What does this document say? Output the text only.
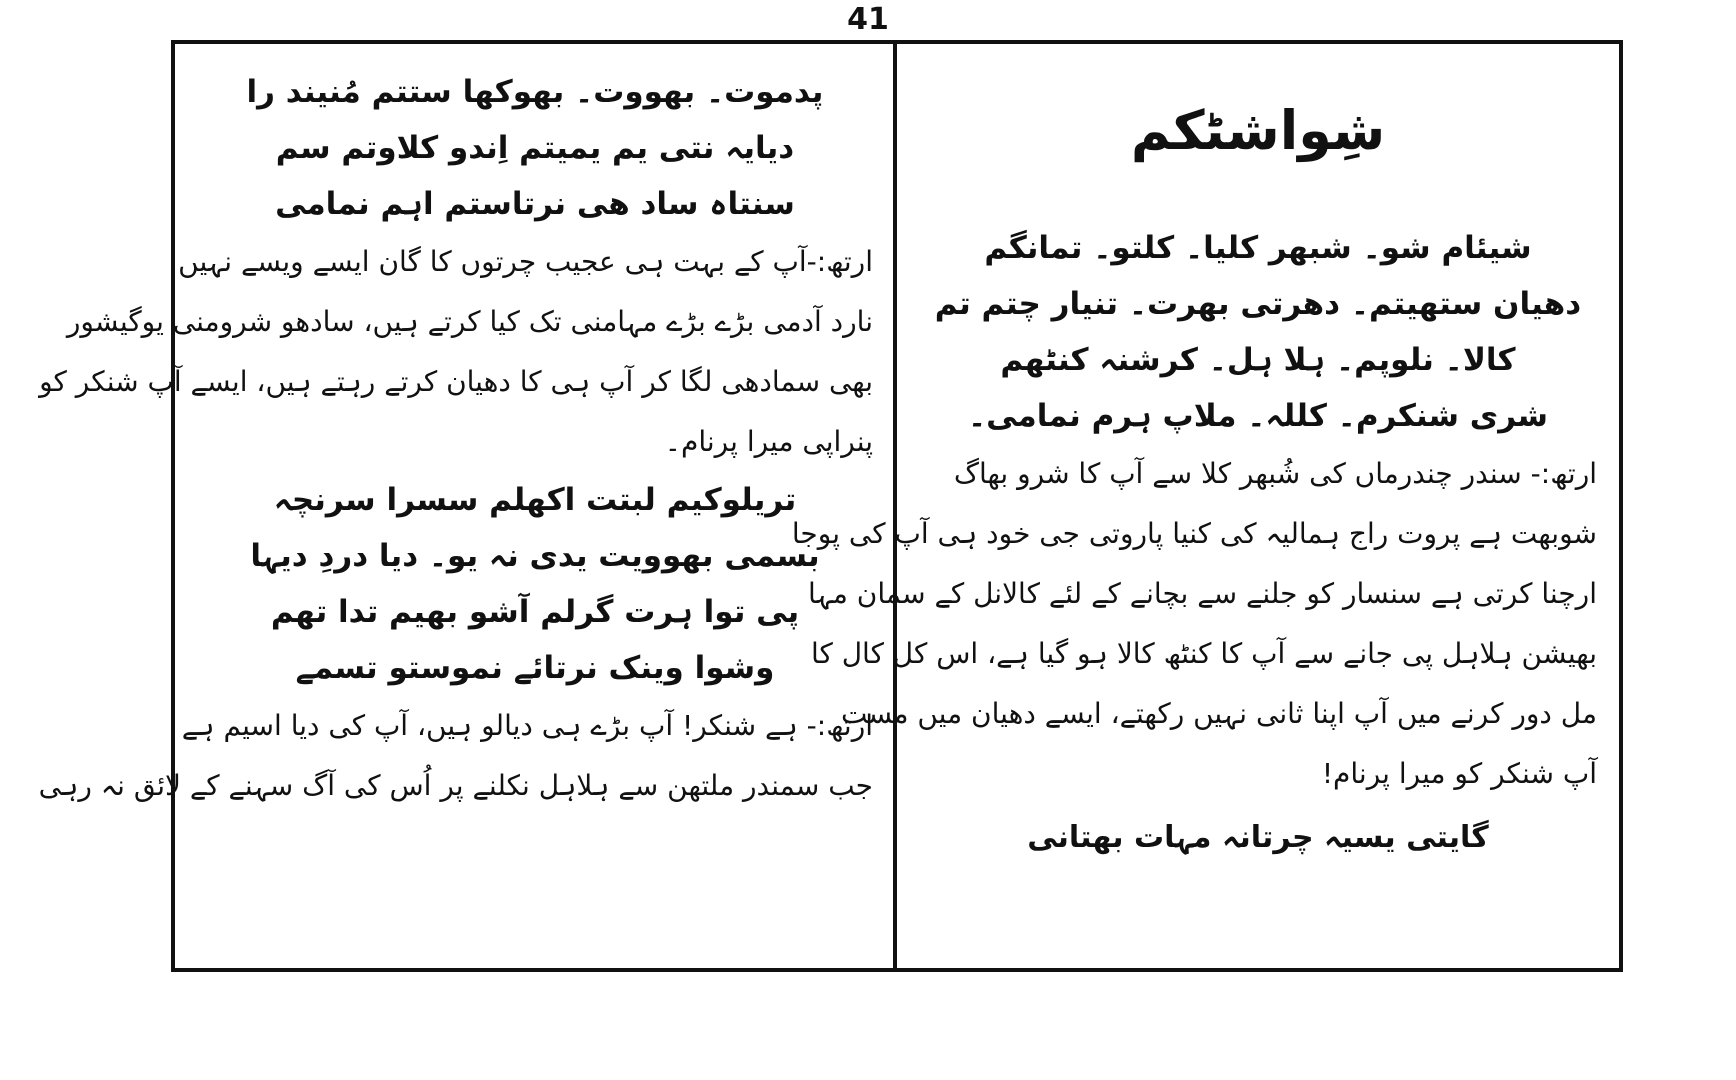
41
پدموت۔ بھووت۔ بھوکھا ستتم مُنیند را
دیایہ نتی یم یمیتم اِندو کلاوتم سم
سنتاہ ساد ھی نرتاستم اہم نمامی
ارتھ:-آپ کے بہت ہی عجیب چرتوں کا گان ایسے ویسے نہیں
نارد آدمی بڑے بڑے مہامنی تک کیا کرتے ہیں، سادھو شرومنی یوگیشور
بھی سمادھی لگا کر آپ ہی کا دھیان کرتے رہتے ہیں، ایسے آپ شنکر کو
پنراپی میرا پرنام۔
تریلوکیم لبتت اکھلم سسرا سرنچہ
بسمی بھوویت یدی نہ یو۔ دیا دردِ دیہا
پی توا ہرت گرلم آشو بھیم تدا تھم
وشوا وینک نرتائے نموستو تسمے
ارتھ:- ہے شنکر! آپ بڑے ہی دیالو ہیں، آپ کی دیا اسیم ہے
جب سمندر ملتھن سے ہلاہل نکلنے پر اُس کی آگ سہنے کے لائق نہ رہی
شِواشٹکم
شیئام شو۔ شبھر کلیا۔ کلتو۔ تمانگم
دھیان ستھیتم۔ دھرتی بھرت۔ تنیار چتم تم
کالا۔ نلوپم۔ ہلا ہل۔ کرشنہ کنٹھم
شری شنکرم۔ کللہ۔ ملاپ ہرم نمامی۔
ارتھ:- سندر چندرماں کی شُبھر کلا سے آپ کا شرو بھاگ
شوبھت ہے پروت راج ہمالیہ کی کنیا پاروتی جی خود ہی آپ کی پوجا
ارچنا کرتی ہے سنسار کو جلنے سے بچانے کے لئے کالانل کے سمان مہا
بھیشن ہلاہل پی جانے سے آپ کا کنٹھ کالا ہو گیا ہے، اس کل کال کا
مل دور کرنے میں آپ اپنا ثانی نہیں رکھتے، ایسے دھیان میں مست
آپ شنکر کو میرا پرنام!
گایتی یسیہ چرتانہ مہات بھتانی
